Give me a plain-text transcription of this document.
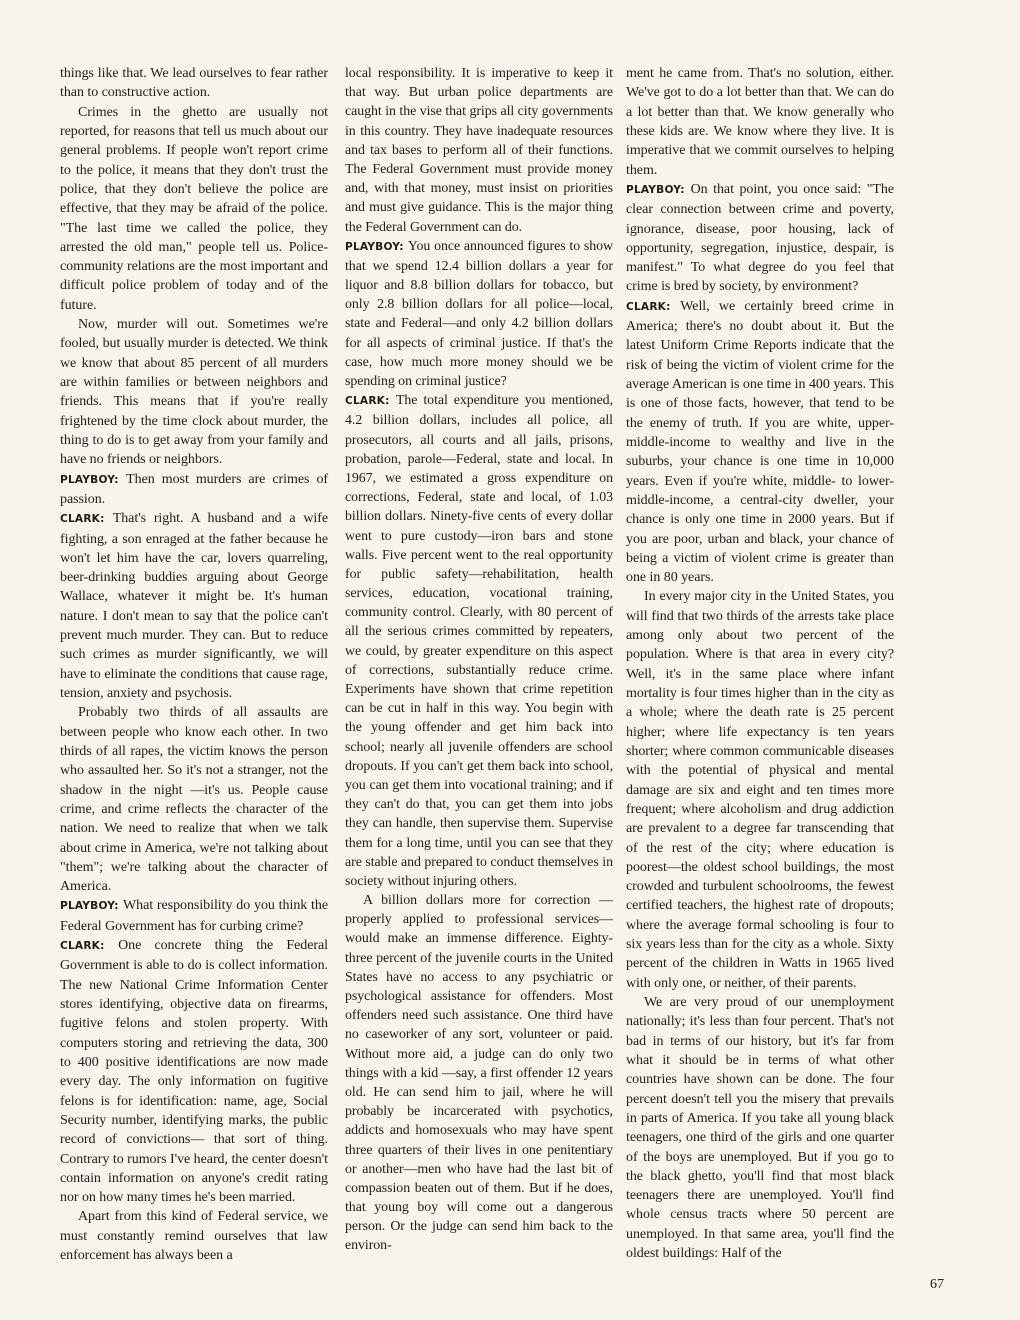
things like that. We lead ourselves to fear rather than to constructive action.

Crimes in the ghetto are usually not reported, for reasons that tell us much about our general problems. If people won't report crime to the police, it means that they don't trust the police, that they don't believe the police are effective, that they may be afraid of the police. "The last time we called the police, they arrested the old man," people tell us. Police-community relations are the most important and difficult police problem of today and of the future.

Now, murder will out. Sometimes we're fooled, but usually murder is detected. We think we know that about 85 percent of all murders are within families or between neighbors and friends. This means that if you're really frightened by the time clock about murder, the thing to do is to get away from your family and have no friends or neighbors.

PLAYBOY: Then most murders are crimes of passion.

CLARK: That's right. A husband and a wife fighting, a son enraged at the father because he won't let him have the car, lovers quarreling, beer-drinking buddies arguing about George Wallace, whatever it might be. It's human nature. I don't mean to say that the police can't prevent much murder. They can. But to reduce such crimes as murder significantly, we will have to eliminate the conditions that cause rage, tension, anxiety and psychosis.

Probably two thirds of all assaults are between people who know each other. In two thirds of all rapes, the victim knows the person who assaulted her. So it's not a stranger, not the shadow in the night —it's us. People cause crime, and crime reflects the character of the nation. We need to realize that when we talk about crime in America, we're not talking about "them"; we're talking about the character of America.

PLAYBOY: What responsibility do you think the Federal Government has for curbing crime?

CLARK: One concrete thing the Federal Government is able to do is collect information. The new National Crime Information Center stores identifying, objective data on firearms, fugitive felons and stolen property. With computers storing and retrieving the data, 300 to 400 positive identifications are now made every day. The only information on fugitive felons is for identification: name, age, Social Security number, identifying marks, the public record of convictions— that sort of thing. Contrary to rumors I've heard, the center doesn't contain information on anyone's credit rating nor on how many times he's been married.

Apart from this kind of Federal service, we must constantly remind ourselves that law enforcement has always been a

local responsibility. It is imperative to keep it that way. But urban police departments are caught in the vise that grips all city governments in this country. They have inadequate resources and tax bases to perform all of their functions. The Federal Government must provide money and, with that money, must insist on priorities and must give guidance. This is the major thing the Federal Government can do.

PLAYBOY: You once announced figures to show that we spend 12.4 billion dollars a year for liquor and 8.8 billion dollars for tobacco, but only 2.8 billion dollars for all police—local, state and Federal—and only 4.2 billion dollars for all aspects of criminal justice. If that's the case, how much more money should we be spending on criminal justice?

CLARK: The total expenditure you mentioned, 4.2 billion dollars, includes all police, all prosecutors, all courts and all jails, prisons, probation, parole—Federal, state and local. In 1967, we estimated a gross expenditure on corrections, Federal, state and local, of 1.03 billion dollars. Ninety-five cents of every dollar went to pure custody—iron bars and stone walls. Five percent went to the real opportunity for public safety—rehabilitation, health services, education, vocational training, community control. Clearly, with 80 percent of all the serious crimes committed by repeaters, we could, by greater expenditure on this aspect of corrections, substantially reduce crime. Experiments have shown that crime repetition can be cut in half in this way. You begin with the young offender and get him back into school; nearly all juvenile offenders are school dropouts. If you can't get them back into school, you can get them into vocational training; and if they can't do that, you can get them into jobs they can handle, then supervise them. Supervise them for a long time, until you can see that they are stable and prepared to conduct themselves in society without injuring others.

A billion dollars more for correction —properly applied to professional services—would make an immense difference. Eighty-three percent of the juvenile courts in the United States have no access to any psychiatric or psychological assistance for offenders. Most offenders need such assistance. One third have no caseworker of any sort, volunteer or paid. Without more aid, a judge can do only two things with a kid —say, a first offender 12 years old. He can send him to jail, where he will probably be incarcerated with psychotics, addicts and homosexuals who may have spent three quarters of their lives in one penitentiary or another—men who have had the last bit of compassion beaten out of them. But if he does, that young boy will come out a dangerous person. Or the judge can send him back to the environ-

ment he came from. That's no solution, either. We've got to do a lot better than that. We can do a lot better than that. We know generally who these kids are. We know where they live. It is imperative that we commit ourselves to helping them.

PLAYBOY: On that point, you once said: "The clear connection between crime and poverty, ignorance, disease, poor housing, lack of opportunity, segregation, injustice, despair, is manifest." To what degree do you feel that crime is bred by society, by environment?

CLARK: Well, we certainly breed crime in America; there's no doubt about it. But the latest Uniform Crime Reports indicate that the risk of being the victim of violent crime for the average American is one time in 400 years. This is one of those facts, however, that tend to be the enemy of truth. If you are white, upper-middle-income to wealthy and live in the suburbs, your chance is one time in 10,000 years. Even if you're white, middle- to lower-middle-income, a central-city dweller, your chance is only one time in 2000 years. But if you are poor, urban and black, your chance of being a victim of violent crime is greater than one in 80 years.

In every major city in the United States, you will find that two thirds of the arrests take place among only about two percent of the population. Where is that area in every city? Well, it's in the same place where infant mortality is four times higher than in the city as a whole; where the death rate is 25 percent higher; where life expectancy is ten years shorter; where common communicable diseases with the potential of physical and mental damage are six and eight and ten times more frequent; where alcoholism and drug addiction are prevalent to a degree far transcending that of the rest of the city; where education is poorest—the oldest school buildings, the most crowded and turbulent schoolrooms, the fewest certified teachers, the highest rate of dropouts; where the average formal schooling is four to six years less than for the city as a whole. Sixty percent of the children in Watts in 1965 lived with only one, or neither, of their parents.

We are very proud of our unemployment nationally; it's less than four percent. That's not bad in terms of our history, but it's far from what it should be in terms of what other countries have shown can be done. The four percent doesn't tell you the misery that prevails in parts of America. If you take all young black teenagers, one third of the girls and one quarter of the boys are unemployed. But if you go to the black ghetto, you'll find that most black teenagers there are unemployed. You'll find whole census tracts where 50 percent are unemployed. In that same area, you'll find the oldest buildings: Half of the

67
